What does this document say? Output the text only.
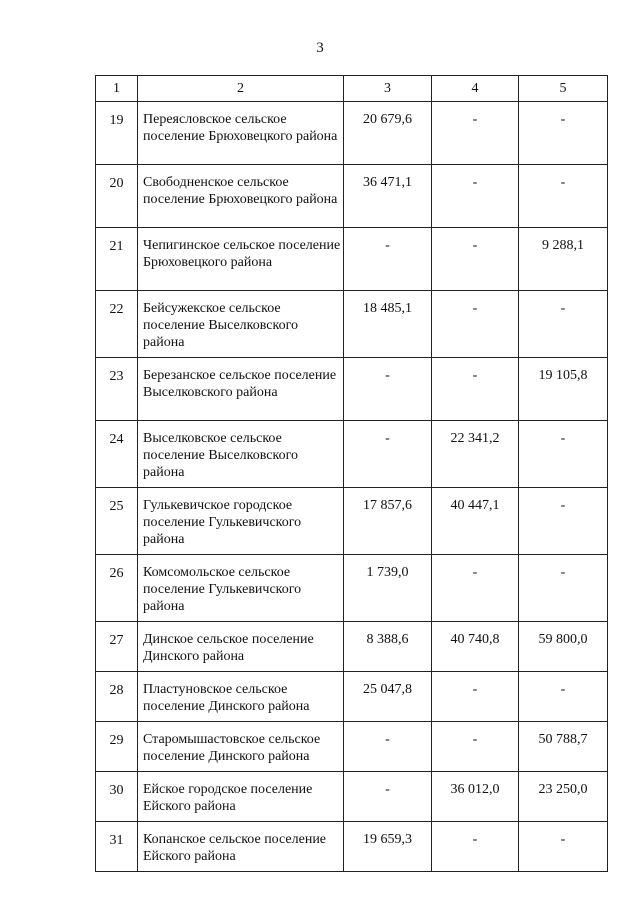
3
1	2	3	4	5
19	Переясловское сельское поселение Брюховецкого района	20 679,6	-	-
20	Свободненское сельское поселение Брюховецкого района	36 471,1	-	-
21	Чепигинское сельское поселение Брюховецкого района	-	-	9 288,1
22	Бейсужекское сельское поселение Выселковского района	18 485,1	-	-
23	Березанское сельское поселение Выселковского района	-	-	19 105,8
24	Выселковское сельское поселение Выселковского района	-	22 341,2	-
25	Гулькевичское городское поселение Гулькевичского района	17 857,6	40 447,1	-
26	Комсомольское сельское поселение Гулькевичского района	1 739,0	-	-
27	Динское сельское поселение Динского района	8 388,6	40 740,8	59 800,0
28	Пластуновское сельское поселение Динского района	25 047,8	-	-
29	Старомышастовское сельское поселение Динского района	-	-	50 788,7
30	Ейское городское поселение Ейского района	-	36 012,0	23 250,0
31	Копанское сельское поселение Ейского района	19 659,3	-	-
